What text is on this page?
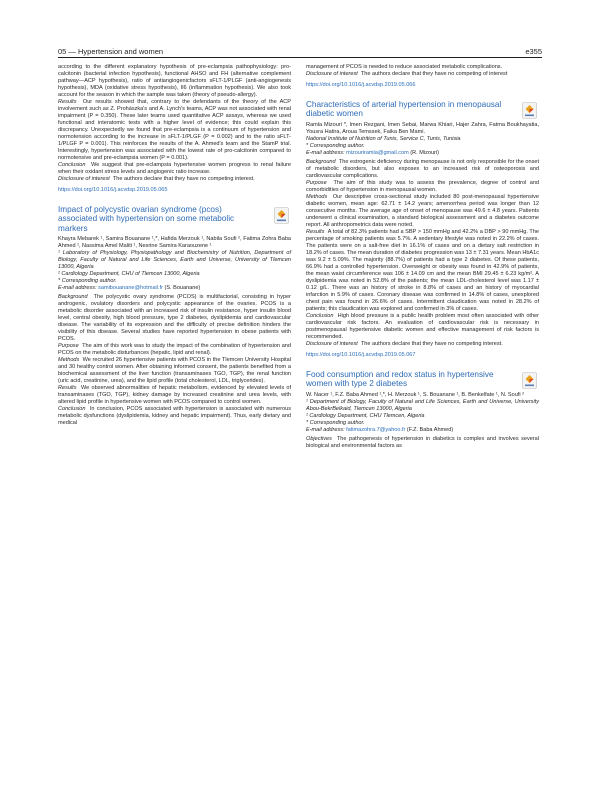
05 — Hypertension and women	e355

according to the different explanatory hypothesis of pre-eclampsia pathophysiology: pro-calcitonin (bacterial infection hypothesis), functional AHSO and FH (alternative complement pathway—ACP hypothesis), ratio of antiangiogenicfactors sFLT-1/PLGF (anti-angiogenesis hypothesis), MDA (oxidative stress hypothesis), Il6 (inflammation hypothesis). We also took account for the season in which the sample was taken (theory of pseudo-allergy).

Results Our results showed that, contrary to the defendants of the theory of the ACP involvement such as Z. Prohászka's and A. Lynch's teams, ACP was not associated with renal impairment (P = 0.350). These later teams used quantitative ACP assays, whereas we used functional and interatomic tests with a higher level of evidence; this could explain this discrepancy. Unexpectedly we found that pre-eclampsia is a continuum of hypertension and normotension according to the increase in sFLT-1/PLGF (P = 0.002) and to the ratio sFLT-1/PLGF P = 0.001). This reinforces the results of the A. Ahmed's team and the StamP trial. Interestingly, hypertension was associated with the lowest rate of pro-calcitonin compared to normotensive and pre-eclampsia women (P = 0.001).

Conclusion We suggest that pre-eclampsia hypertensive women progress to renal failure when their oxidant stress levels and angiogenic ratio increase.

Disclosure of interest The authors declare that they have no competing interest.

https://doi.org/10.1016/j.acvdsp.2019.05.065

Impact of polycystic ovarian syndrome (pcos) associated with hypertension on some metabolic markers

Khayra Mebarek ¹, Samira Bouanane ¹,*, Hafida Merzouk ¹, Nabila Soufi ², Fatima Zohra Baba Ahmed ¹, Nassima Amel Maliti ¹, Nesrine Samira Karaouzene ¹

¹ Laboratory of Physiology, Physiopathology and Biochemistry of Nutrition, Department of Biology, Faculty of Natural and Life Sciences, Earth and Universe, University of Tlemcen 13000, Algeria

² Cardiology Department, CHU of Tlemcen 13000, Algeria

* Corresponding author.

E-mail address: samibouanane@hotmail.fr (S. Bouanane)

Background The polycystic ovary syndrome (PCOS) is multifactorial, consisting in hyper androgenic, ovulatory disorders and polycystic appearance of the ovaries. PCOS is a metabolic disorder associated with an increased risk of insulin resistance, hyper insulin blood level, central obesity, high blood pressure, type 2 diabetes, dyslipidemia and cardiovascular disease. The variability of its expression and the difficulty of precise definition hinders the visibility of this disease. Several studies have reported hypertension in obese patients with PCOS.

Purpose The aim of this work was to study the impact of the combination of hypertension and PCOS on the metabolic disturbances (hepatic, lipid and renal).

Methods We recruited 26 hypertensive patients with PCOS in the Tlemcen University Hospital and 30 healthy control women. After obtaining informed consent, the patients benefited from a biochemical assessment of the liver function (transaminases TGO, TGP), the renal function (uric acid, creatinine, urea), and the lipid profile (total cholesterol, LDL, triglycerides).

Results We observed abnormalities of hepatic metabolism, evidenced by elevated levels of transaminases (TGO, TGP), kidney damage by increased creatinine and urea levels, with altered lipid profile in hypertensive women with PCOS compared to control women.

Conclusion In conclusion, PCOS associated with hypertension is associated with numerous metabolic dysfunctions (dyslipidemia, kidney and hepatic impairment). Thus, early dietary and medical

management of PCOS is needed to reduce associated metabolic complications.

Disclosure of interest The authors declare that they have no competing of interest

https://doi.org/10.1016/j.acvdsp.2019.05.066

Characteristics of arterial hypertension in menopausal diabetic women

Ramla Mizouri *, Imen Rezgani, Imen Sebai, Marwa Khiari, Hajer Zahra, Fatma Boukhayatia, Yousra Hatira, Aroua Temssek, Faika Ben Mami.

National Institute of Nutrition of Tunis, Service C, Tunis, Tunisia

* Corresponding author.

E-mail address: mizouriramla@gmail.com (R. Mizouri)

Background The estrogenic deficiency during menopause is not only responsible for the onset of metabolic disorders, but also exposes to an increased risk of osteoporosis and cardiovascular complications.

Purpose The aim of this study was to assess the prevalence, degree of control and comorbidities of hypertension in menopausal women.

Methods Our descriptive cross-sectional study included 80 post-menopausal hypertensive diabetic women, mean age: 62.71 ± 14.2 years; amenorrhea period was longer than 12 consecutive months. The average age of onset of menopause was 49.6 ± 4.8 years. Patients underwent a clinical examination, a standard biological assessment and a diabetes outcome report. All anthropometrics data were noted.

Results A total of 82.3% patients had a SBP > 150 mmHg and 42.2% a DBP > 90 mmHg. The percentage of smoking patients was 5.7%. A sedentary lifestyle was noted in 22.2% of cases. The patients were on a salt-free diet in 16.1% of cases and on a dietary salt restriction in 18.2% of cases. The mean duration of diabetes progression was 13 ± 7.31 years. Mean HbA1c was 9.2 ± 5.09%. The majority (88.7%) of patients had a type 2 diabetes. Of these patients, 66.9% had a controlled hypertension. Overweight or obesity was found in 42.9% of patients, the mean waist circumference was 106 ± 14.09 cm and the mean BMI 29.45 ± 6.23 kg/m². A dyslipidemia was noted in 52.8% of the patients; the mean LDL-cholesterol level was 1.17 ± 0.12 g/L. There was an history of stroke in 8.8% of cases and an history of myocardial infarction in 5.9% of cases. Coronary disease was confirmed in 14.8% of cases, unexplored chest pain was found in 26.6% of cases. Intermittent claudication was noted in 28.2% of patients; this claudication was explored and confirmed in 3% of cases.

Conclusion High blood pressure is a public health problem most often associated with other cardiovascular risk factors. An evaluation of cardiovascular risk is necessary in postmenopausal hypertensive diabetic women and effective management of risk factors is recommended.

Disclosure of interest The authors declare that they have no competing interest.

https://doi.org/10.1016/j.acvdsp.2019.05.067

Food consumption and redox status in hypertensive women with type 2 diabetes

W. Nacer ¹, F.Z. Baba Ahmed ¹,*, H. Merzouk ¹, S. Bouanane ¹, B. Benkelfate ¹, N. Soufi ²

¹ Department of Biology, Faculty of Natural and Life Sciences, Earth and Universe, University Abou-BekrBelkaid, Tlemcen 13000, Algeria

² Cardiology Department, CHU Tlemcen, Algeria

* Corresponding author.

E-mail address: fatimazohra.7@yahoo.fr (F.Z. Baba Ahmed)

Objectives The pathogenesis of hypertension in diabetics is complex and involves several biological and environmental factors as
